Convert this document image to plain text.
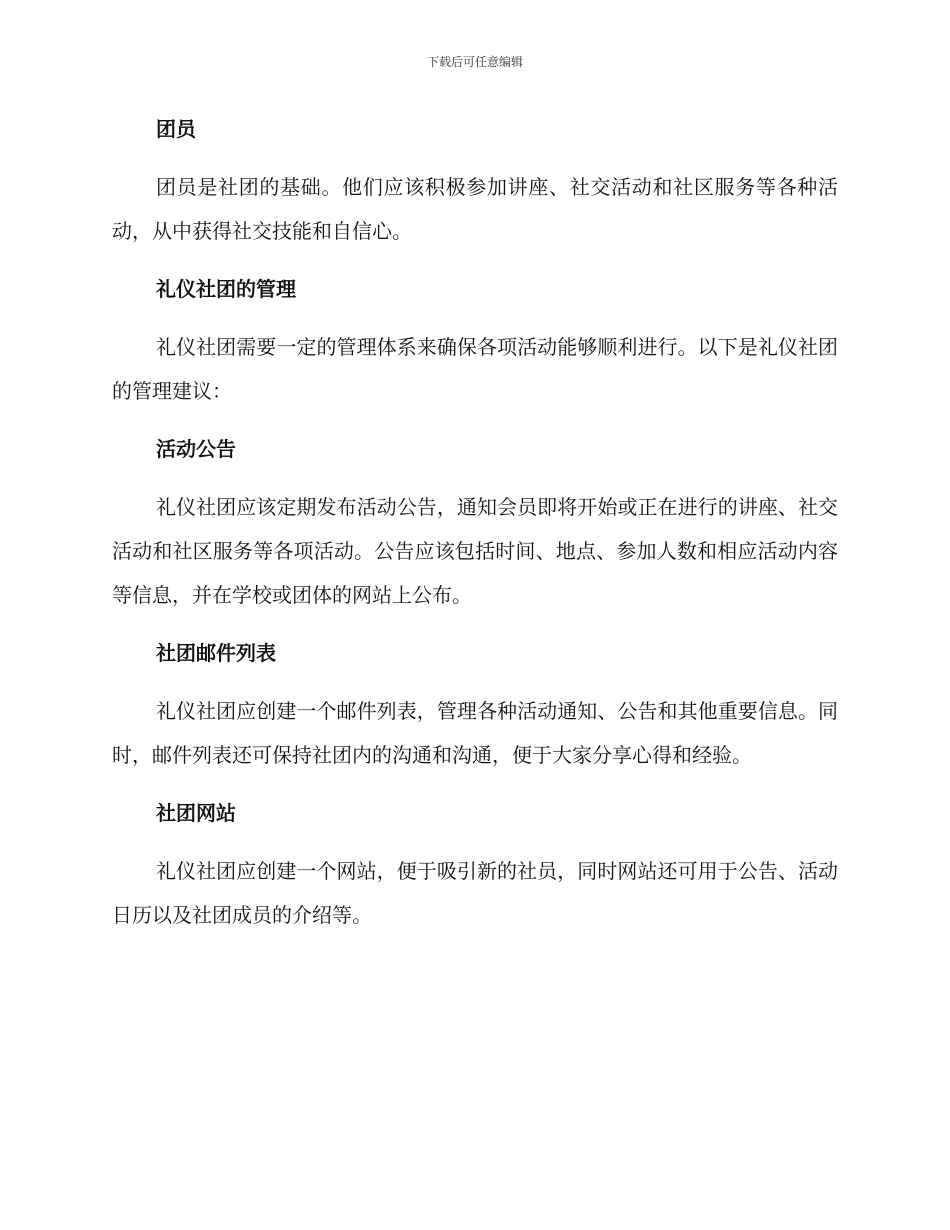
下载后可任意编辑
团员
团员是社团的基础。他们应该积极参加讲座、社交活动和社区服务等各种活动，从中获得社交技能和自信心。
礼仪社团的管理
礼仪社团需要一定的管理体系来确保各项活动能够顺利进行。以下是礼仪社团的管理建议：
活动公告
礼仪社团应该定期发布活动公告，通知会员即将开始或正在进行的讲座、社交活动和社区服务等各项活动。公告应该包括时间、地点、参加人数和相应活动内容等信息，并在学校或团体的网站上公布。
社团邮件列表
礼仪社团应创建一个邮件列表，管理各种活动通知、公告和其他重要信息。同时，邮件列表还可保持社团内的沟通和沟通，便于大家分享心得和经验。
社团网站
礼仪社团应创建一个网站，便于吸引新的社员，同时网站还可用于公告、活动日历以及社团成员的介绍等。
